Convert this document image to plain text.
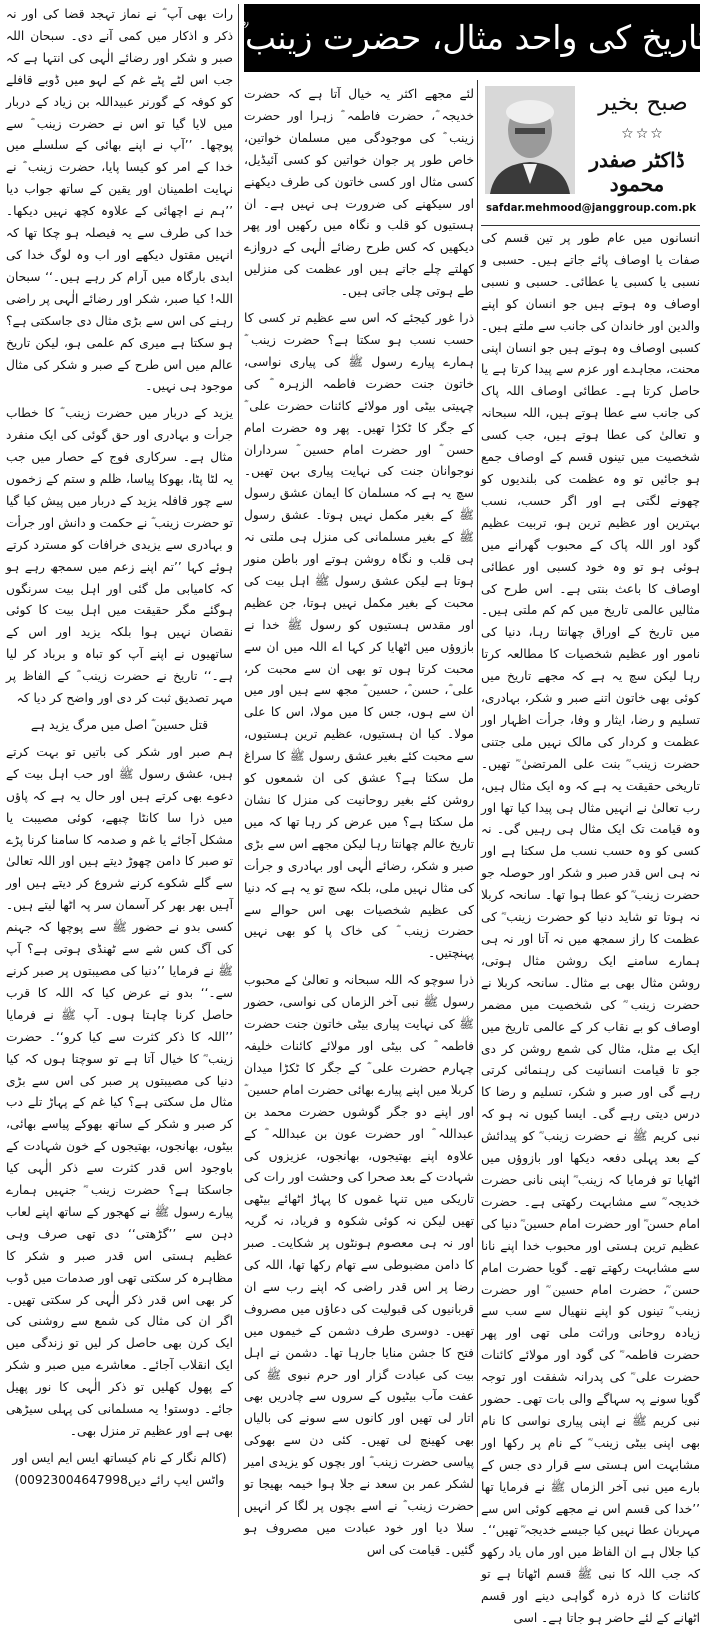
تاریخ کی واحد مثال، حضرت زینب ؓ
صبح بخیر
☆☆☆
ڈاکٹر صفدر محمود
safdar.mehmood@janggroup.com.pk

انسانوں میں عام طور پر تین قسم کی صفات یا اوصاف پائے جاتے ہیں۔ حسبی و نسبی یا کسبی یا عطائی۔ حسبی و نسبی اوصاف وہ ہوتے ہیں جو انسان کو اپنے والدین اور خاندان کی جانب سے ملتے ہیں۔ کسبی اوصاف وہ ہوتے ہیں جو انسان اپنی محنت، مجاہدے اور عزم سے پیدا کرتا ہے یا حاصل کرتا ہے۔ عطائی اوصاف اللہ پاک کی جانب سے عطا ہوتے ہیں، اللہ سبحانہ و تعالیٰ کی عطا ہوتے ہیں، جب کسی شخصیت میں تینوں قسم کے اوصاف جمع ہو جائیں تو وہ عظمت کی بلندیوں کو چھونے لگتی ہے اور اگر حسب، نسب بہترین اور عظیم ترین ہو، تربیت عظیم گود اور اللہ پاک کے محبوب گھرانے میں ہوئی ہو تو وہ خود کسبی اور عطائی اوصاف کا باعث بنتی ہے۔ اس طرح کی مثالیں عالمی تاریخ میں کم کم ملتی ہیں۔ میں تاریخ کے اوراق چھانتا رہا، دنیا کی نامور اور عظیم شخصیات کا مطالعہ کرتا رہا لیکن سچ یہ ہے کہ مجھے تاریخ میں کوئی بھی خاتون اتنے صبر و شکر، بہادری، تسلیم و رضا، ایثار و وفا، جرأت اظہار اور عظمت و کردار کی مالک نہیں ملی جتنی حضرت زینب ؓ بنت علی المرتضیٰ ؓ تھیں۔ تاریخی حقیقت یہ ہے کہ وہ ایک مثال ہیں، رب تعالیٰ نے انہیں مثال ہی پیدا کیا تھا اور وہ قیامت تک ایک مثال ہی رہیں گی۔ نہ کسی کو وہ حسب نسب مل سکتا ہے اور نہ ہی اس قدر صبر و شکر اور حوصلہ جو حضرت زینب ؓ کو عطا ہوا تھا۔ سانحہ کربلا نہ ہوتا تو شاید دنیا کو حضرت زینب ؓ کی عظمت کا راز سمجھ میں نہ آتا اور نہ ہی ہمارے سامنے ایک روشن مثال ہوتی، روشن مثال بھی بے مثال۔ سانحہ کربلا نے حضرت زینب ؓ کی شخصیت میں مضمر اوصاف کو بے نقاب کر کے عالمی تاریخ میں ایک بے مثل، مثال کی شمع روشن کر دی جو تا قیامت انسانیت کی رہنمائی کرتی رہے گی اور صبر و شکر، تسلیم و رضا کا درس دیتی رہے گی۔ ایسا کیوں نہ ہو کہ نبی کریم ﷺ نے حضرت زینب ؓ کو پیدائش کے بعد پہلی دفعہ دیکھا اور بازوؤں میں اٹھایا تو فرمایا کہ زینب ؓ اپنی نانی حضرت خدیجہ ؓ سے مشابہت رکھتی ہے۔ حضرت امام حسن ؓ اور حضرت امام حسین ؓ دنیا کی عظیم ترین ہستی اور محبوب خدا اپنے نانا سے مشابہت رکھتے تھے۔ گویا حضرت امام حسن ؓ، حضرت امام حسین ؓ اور حضرت زینب ؓ تینوں کو اپنے ننھیال سے سب سے زیادہ روحانی وراثت ملی تھی اور پھر حضرت فاطمہ ؓ کی گود اور مولائے کائنات حضرت علی ؓ کی پدرانہ شفقت اور توجہ گویا سونے پہ سہاگے والی بات تھی۔ حضور نبی کریم ﷺ نے اپنی پیاری نواسی کا نام بھی اپنی بیٹی زینب ؓ کے نام پر رکھا اور مشابہت اس ہستی سے قرار دی جس کے بارے میں نبی آخر الزماں ﷺ نے فرمایا تھا ’’خدا کی قسم اس نے مجھے کوئی اس سے مہربان عطا نہیں کیا جیسے خدیجہ ؓ تھیں‘‘۔ کیا جلال ہے ان الفاظ میں اور ماں یاد رکھو کہ جب اللہ کا نبی ﷺ قسم اٹھاتا ہے تو کائنات کا ذرہ ذرہ گواہی دینے اور قسم اٹھانے کے لئے حاضر ہو جاتا ہے۔ اسی

لئے مجھے اکثر یہ خیال آتا ہے کہ حضرت خدیجہ ؓ، حضرت فاطمہ ؓ زہرا اور حضرت زینب ؓ کی موجودگی میں مسلمان خواتین، خاص طور پر جوان خواتین کو کسی آئیڈیل، کسی مثال اور کسی خاتون کی طرف دیکھنے اور سیکھنے کی ضرورت ہی نہیں ہے۔ ان ہستیوں کو قلب و نگاہ میں رکھیں اور پھر دیکھیں کہ کس طرح رضائے الٰہی کے دروازے کھلتے چلے جاتے ہیں اور عظمت کی منزلیں طے ہوتی چلی جاتی ہیں۔

ذرا غور کیجئے کہ اس سے عظیم تر کسی کا حسب نسب ہو سکتا ہے؟ حضرت زینب ؓ ہمارے پیارے رسول ﷺ کی پیاری نواسی، خاتون جنت حضرت فاطمہ الزہرہ ؓ کی چہیتی بیٹی اور مولائے کائنات حضرت علی ؓ کے جگر کا ٹکڑا تھیں۔ پھر وہ حضرت امام حسن ؓ اور حضرت امام حسین ؓ سرداران نوجوانان جنت کی نہایت پیاری بہن تھیں۔ سچ یہ ہے کہ مسلمان کا ایمان عشق رسول ﷺ کے بغیر مکمل نہیں ہوتا۔ عشق رسول ﷺ کے بغیر مسلمانی کی منزل ہی ملتی نہ ہی قلب و نگاہ روشن ہوتے اور باطن منور ہوتا ہے لیکن عشق رسول ﷺ اہل بیت کی محبت کے بغیر مکمل نہیں ہوتا، جن عظیم اور مقدس ہستیوں کو رسول ﷺ خدا نے بازوؤں میں اٹھایا کر کہا اے اللہ میں ان سے محبت کرتا ہوں تو بھی ان سے محبت کر، علی ؓ، حسن ؓ، حسین ؓ مجھ سے ہیں اور میں ان سے ہوں، جس کا میں مولا، اس کا علی مولا۔ کیا ان ہستیوں، عظیم ترین ہستیوں، سے محبت کئے بغیر عشق رسول ﷺ کا سراغ مل سکتا ہے؟ عشق کی ان شمعوں کو روشن کئے بغیر روحانیت کی منزل کا نشان مل سکتا ہے؟ میں عرض کر رہا تھا کہ میں تاریخ عالم چھانتا رہا لیکن مجھے اس سے بڑی صبر و شکر، رضائے الٰہی اور بہادری و جرأت کی مثال نہیں ملی، بلکہ سچ تو یہ ہے کہ دنیا کی عظیم شخصیات بھی اس حوالے سے حضرت زینب ؓ کی خاک پا کو بھی نہیں پہنچتیں۔

ذرا سوچو کہ اللہ سبحانہ و تعالیٰ کے محبوب رسول ﷺ نبی آخر الزماں کی نواسی، حضور ﷺ کی نہایت پیاری بیٹی خاتون جنت حضرت فاطمہ ؓ کی بیٹی اور مولائے کائنات خلیفہ چہارم حضرت علی ؓ کے جگر کا ٹکڑا میدان کربلا میں اپنے پیارے بھائی حضرت امام حسین ؓ اور اپنے دو جگر گوشوں حضرت محمد بن عبداللہ ؓ اور حضرت عون بن عبداللہ ؓ کے علاوہ اپنے بھتیجوں، بھانجوں، عزیزوں کی شہادت کے بعد صحرا کی وحشت اور رات کی تاریکی میں تنہا غموں کا پہاڑ اٹھائے بیٹھی تھیں لیکن نہ کوئی شکوہ و فریاد، نہ گریہ اور نہ ہی معصوم ہونٹوں پر شکایت۔ صبر کا دامن مضبوطی سے تھام رکھا تھا، اللہ کی رضا پر اس قدر راضی کہ اپنے رب سے ان قربانیوں کی قبولیت کی دعاؤں میں مصروف تھیں۔ دوسری طرف دشمن کے خیموں میں فتح کا جشن منایا جارہا تھا۔ دشمن نے اہل بیت کی عبادت گزار اور حرم نبوی ﷺ کی عفت مآب بیٹیوں کے سروں سے چادریں بھی اتار لی تھیں اور کانوں سے سونے کی بالیاں بھی کھینچ لی تھیں۔ کئی دن سے بھوکی پیاسی حضرت زینب ؓ اور بچوں کو یزیدی امیر لشکر عمر بن سعد نے جلا ہوا خیمہ بھیجا تو حضرت زینب ؓ نے اسے بچوں پر لگا کر انہیں سلا دیا اور خود عبادت میں مصروف ہو گئیں۔ قیامت کی اس

رات بھی آپ ؓ نے نماز تہجد قضا کی اور نہ ذکر و اذکار میں کمی آنے دی۔ سبحان اللہ صبر و شکر اور رضائے الٰہی کی انتہا ہے کہ جب اس لٹے پٹے غم کے لہو میں ڈوبے قافلے کو کوفہ کے گورنر عبیداللہ بن زیاد کے دربار میں لایا گیا تو اس نے حضرت زینب ؓ سے پوچھا۔ ’’آپ نے اپنے بھائی کے سلسلے میں خدا کے امر کو کیسا پایا، حضرت زینب ؓ نے نہایت اطمینان اور یقین کے ساتھ جواب دیا ’’ہم نے اچھائی کے علاوہ کچھ نہیں دیکھا۔ خدا کی طرف سے یہ فیصلہ ہو چکا تھا کہ انہیں مقتول دیکھے اور اب وہ لوگ خدا کی ابدی بارگاہ میں آرام کر رہے ہیں۔‘‘ سبحان اللہ! کیا صبر، شکر اور رضائے الٰہی پر راضی رہنے کی اس سے بڑی مثال دی جاسکتی ہے؟ ہو سکتا ہے میری کم علمی ہو، لیکن تاریخ عالم میں اس طرح کے صبر و شکر کی مثال موجود ہی نہیں۔

یزید کے دربار میں حضرت زینب ؓ کا خطاب جرأت و بہادری اور حق گوئی کی ایک منفرد مثال ہے۔ سرکاری فوج کے حصار میں جب یہ لٹا پٹا، بھوکا پیاسا، ظلم و ستم کے زخموں سے چور قافلہ یزید کے دربار میں پیش کیا گیا تو حضرت زینب ؓ نے حکمت و دانش اور جرأت و بہادری سے یزیدی خرافات کو مسترد کرتے ہوئے کہا ’’تم اپنے زعم میں سمجھ رہے ہو کہ کامیابی مل گئی اور اہل بیت سرنگوں ہوگئے مگر حقیقت میں اہل بیت کا کوئی نقصان نہیں ہوا بلکہ یزید اور اس کے ساتھیوں نے اپنے آپ کو تباہ و برباد کر لیا ہے۔‘‘ تاریخ نے حضرت زینب ؓ کے الفاظ پر مہر تصدیق ثبت کر دی اور واضح کر دیا کہ

قتل حسین ؓ اصل میں مرگ یزید ہے

ہم صبر اور شکر کی باتیں تو بہت کرتے ہیں، عشق رسول ﷺ اور حب اہل بیت کے دعوے بھی کرتے ہیں اور حال یہ ہے کہ پاؤں میں ذرا سا کانٹا چبھے، کوئی مصیبت یا مشکل آجائے یا غم و صدمہ کا سامنا کرنا پڑے تو صبر کا دامن چھوڑ دیتے ہیں اور اللہ تعالیٰ سے گلے شکوے کرنے شروع کر دیتے ہیں اور آہیں بھر بھر کر آسمان سر پہ اٹھا لیتے ہیں۔ کسی بدو نے حضور ﷺ سے پوچھا کہ جہنم کی آگ کس شے سے ٹھنڈی ہوتی ہے؟ آپ ﷺ نے فرمایا ’’دنیا کی مصیبتوں پر صبر کرنے سے۔‘‘ بدو نے عرض کیا کہ اللہ کا قرب حاصل کرنا چاہتا ہوں۔ آپ ﷺ نے فرمایا ’’اللہ کا ذکر کثرت سے کیا کرو‘‘۔ حضرت زینب ؓ کا خیال آتا ہے تو سوچتا ہوں کہ کیا دنیا کی مصیبتوں پر صبر کی اس سے بڑی مثال مل سکتی ہے؟ کیا غم کے پہاڑ تلے دب کر صبر و شکر کے ساتھ بھوکے پیاسے بھائی، بیٹوں، بھانجوں، بھتیجوں کے خون شہادت کے باوجود اس قدر کثرت سے ذکر الٰہی کیا جاسکتا ہے؟ حضرت زینب ؓ جنہیں ہمارے پیارے رسول ﷺ نے کھجور کے ساتھ اپنے لعاب دہن سے ’’گڑھتی‘‘ دی تھی صرف وہی عظیم ہستی اس قدر صبر و شکر کا مظاہرہ کر سکتی تھی اور صدمات میں ڈوب کر بھی اس قدر ذکر الٰہی کر سکتی تھیں۔ اگر ان کی مثال کی شمع سے روشنی کی ایک کرن بھی حاصل کر لیں تو زندگی میں ایک انقلاب آجائے۔ معاشرے میں صبر و شکر کے پھول کھلیں تو ذکر الٰہی کا نور پھیل جائے۔ دوستو! یہ مسلمانی کی پہلی سیڑھی بھی ہے اور عظیم تر منزل بھی۔

(کالم نگار کے نام کیساتھ ایس ایم ایس اور واٹس ایپ رائے دیں00923004647998)
